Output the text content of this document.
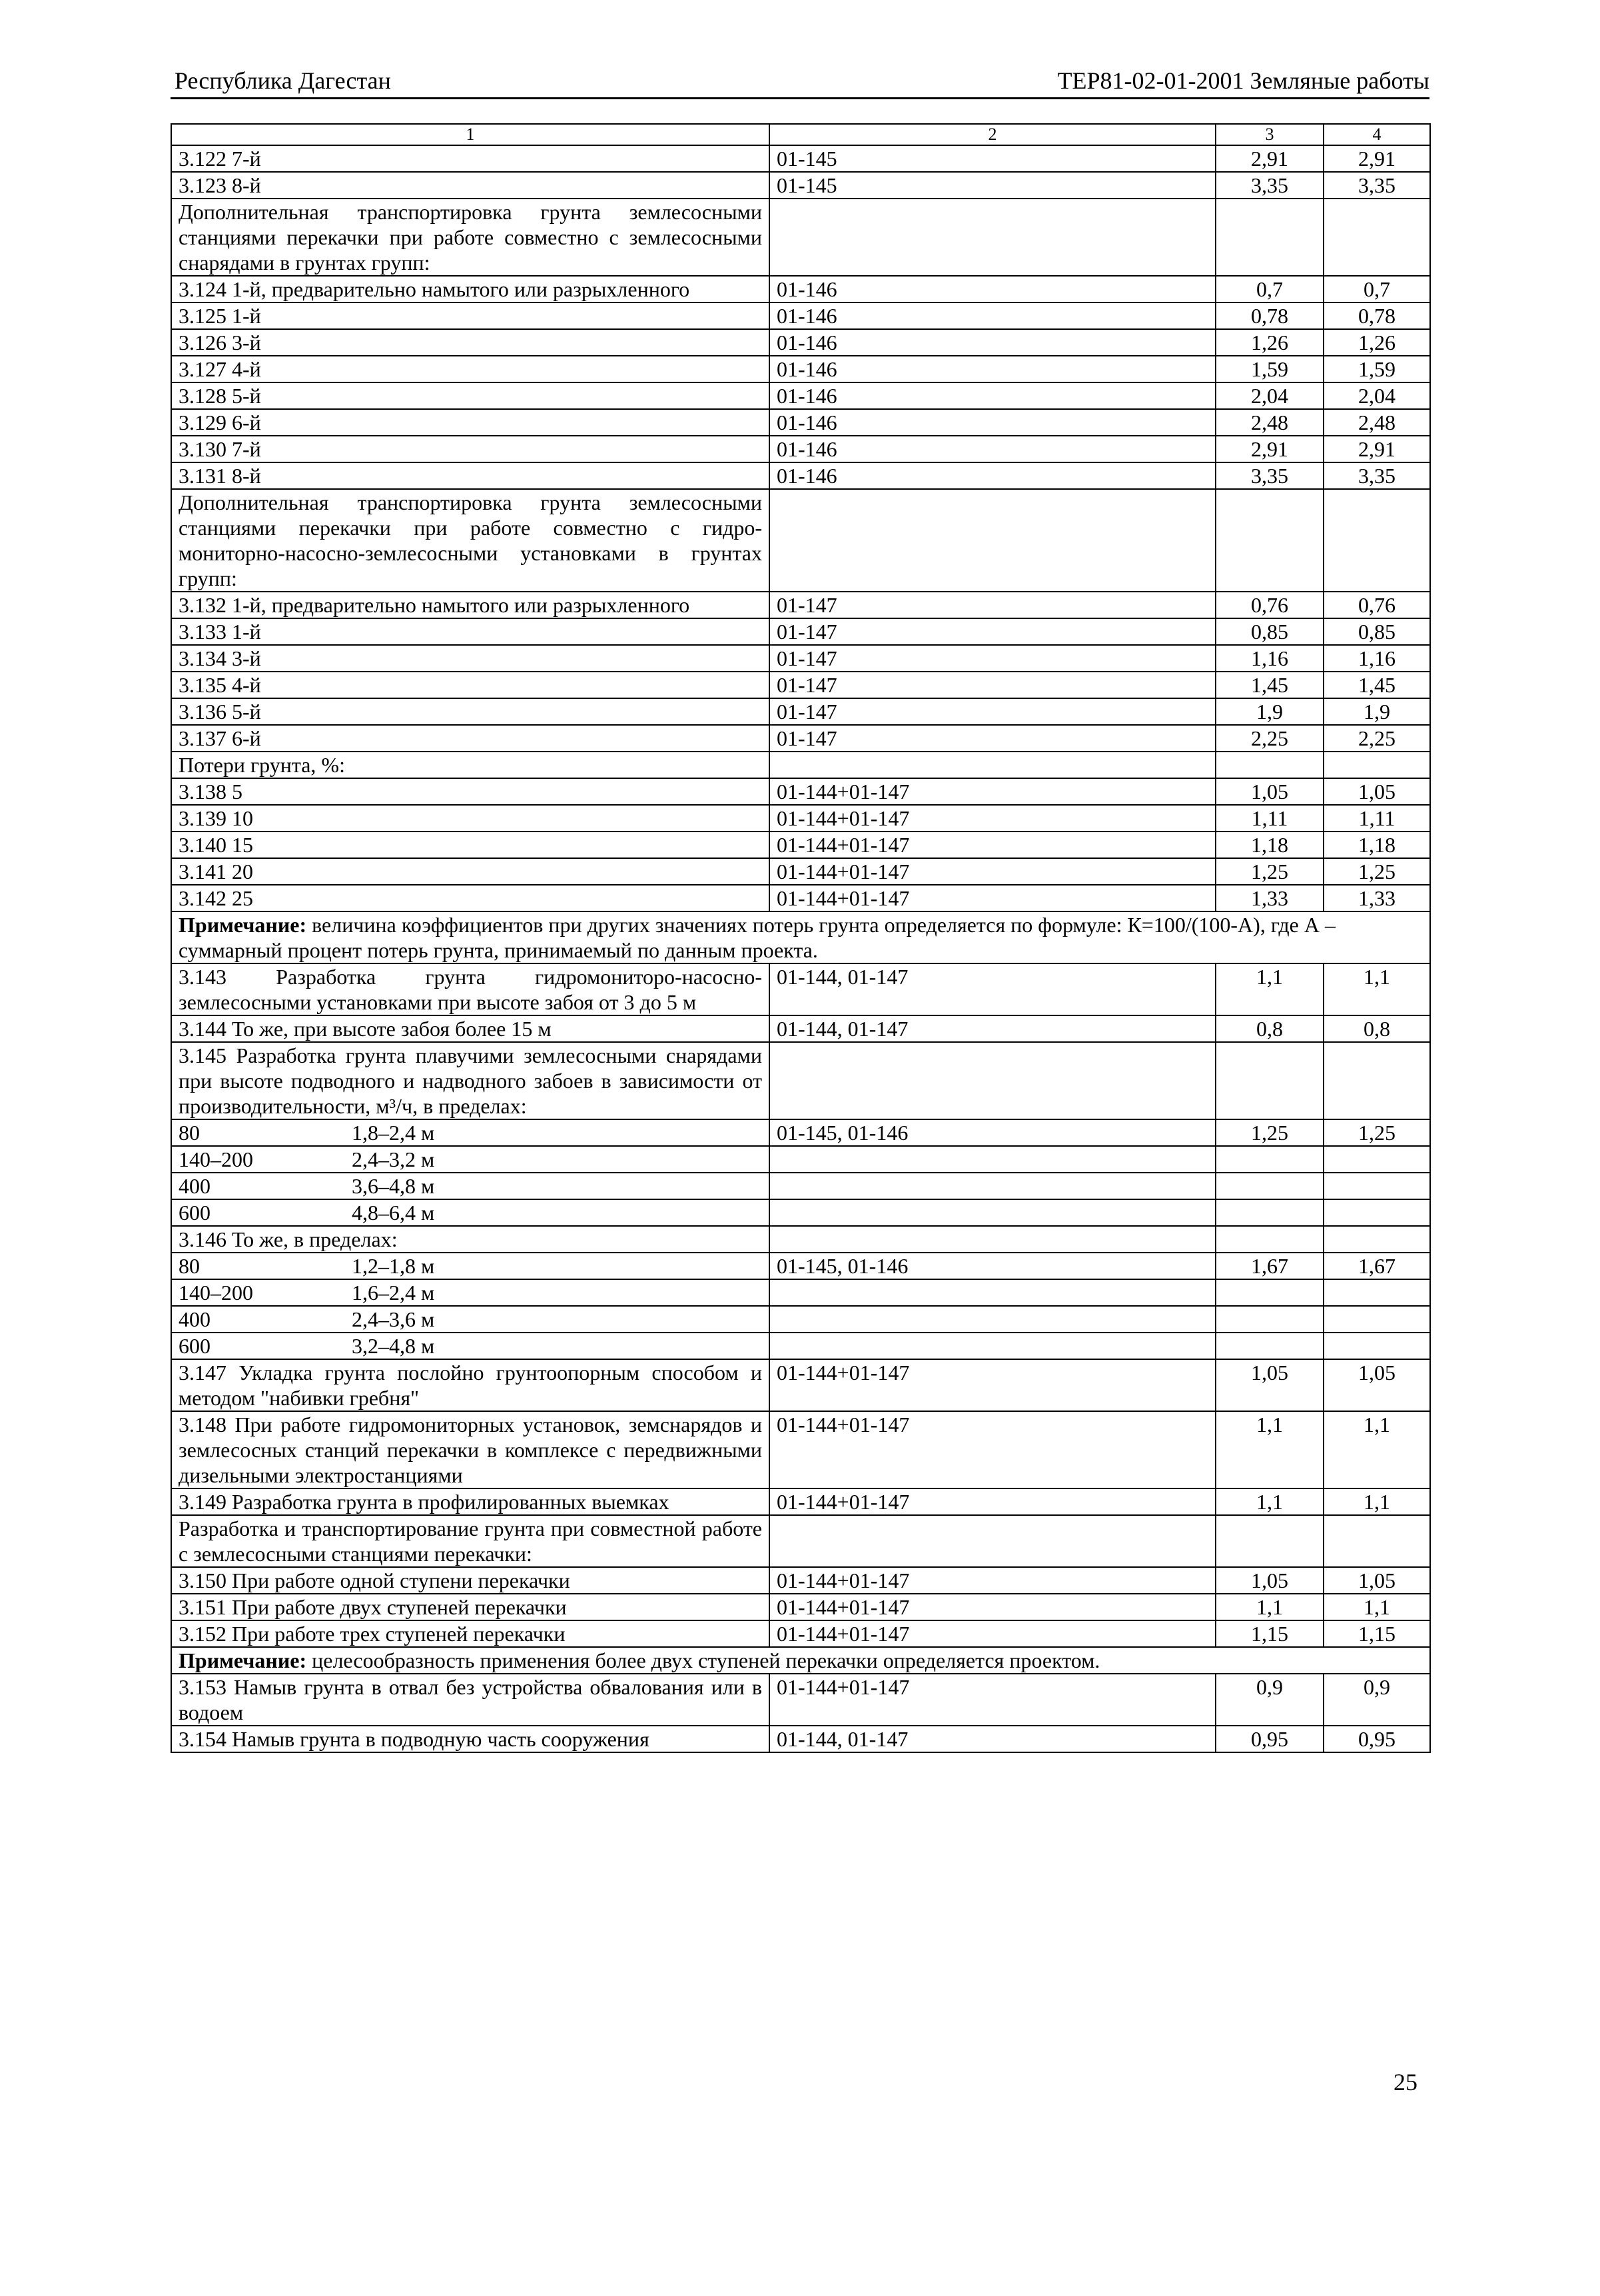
Республика Дагестан	ТЕР81-02-01-2001 Земляные работы
1	2	3	4
3.122 7-й	01-145	2,91	2,91
3.123 8-й	01-145	3,35	3,35
Дополнительная транспортировка грунта землесосными станциями перекачки при работе совместно с землесосными снарядами в грунтах групп:			
3.124 1-й, предварительно намытого или разрыхленного	01-146	0,7	0,7
3.125 1-й	01-146	0,78	0,78
3.126 3-й	01-146	1,26	1,26
3.127 4-й	01-146	1,59	1,59
3.128 5-й	01-146	2,04	2,04
3.129 6-й	01-146	2,48	2,48
3.130 7-й	01-146	2,91	2,91
3.131 8-й	01-146	3,35	3,35
Дополнительная транспортировка грунта землесосными станциями перекачки при работе совместно с гидро-мониторно-насосно-землесосными установками в грунтах групп:			
3.132 1-й, предварительно намытого или разрыхленного	01-147	0,76	0,76
3.133 1-й	01-147	0,85	0,85
3.134 3-й	01-147	1,16	1,16
3.135 4-й	01-147	1,45	1,45
3.136 5-й	01-147	1,9	1,9
3.137 6-й	01-147	2,25	2,25
Потери грунта, %:			
3.138 5	01-144+01-147	1,05	1,05
3.139 10	01-144+01-147	1,11	1,11
3.140 15	01-144+01-147	1,18	1,18
3.141 20	01-144+01-147	1,25	1,25
3.142 25	01-144+01-147	1,33	1,33
Примечание: величина коэффициентов при других значениях потерь грунта определяется по формуле: К=100/(100-А), где А – суммарный процент потерь грунта, принимаемый по данным проекта.			
3.143 Разработка грунта гидромониторо-насосно-землесосными установками при высоте забоя от 3 до 5 м	01-144, 01-147	1,1	1,1
3.144 То же, при высоте забоя более 15 м	01-144, 01-147	0,8	0,8
3.145 Разработка грунта плавучими землесосными снарядами при высоте подводного и надводного забоев в зависимости от производительности, м³/ч, в пределах:			
80 1,8–2,4 м	01-145, 01-146	1,25	1,25
140–200 2,4–3,2 м			
400 3,6–4,8 м			
600 4,8–6,4 м			
3.146 То же, в пределах:			
80 1,2–1,8 м	01-145, 01-146	1,67	1,67
140–200 1,6–2,4 м			
400 2,4–3,6 м			
600 3,2–4,8 м			
3.147 Укладка грунта послойно грунтоопорным способом и методом "набивки гребня"	01-144+01-147	1,05	1,05
3.148 При работе гидромониторных установок, земснарядов и землесосных станций перекачки в комплексе с передвижными дизельными электростанциями	01-144+01-147	1,1	1,1
3.149 Разработка грунта в профилированных выемках	01-144+01-147	1,1	1,1
Разработка и транспортирование грунта при совместной работе с землесосными станциями перекачки:			
3.150 При работе одной ступени перекачки	01-144+01-147	1,05	1,05
3.151 При работе двух ступеней перекачки	01-144+01-147	1,1	1,1
3.152 При работе трех ступеней перекачки	01-144+01-147	1,15	1,15
Примечание: целесообразность применения более двух ступеней перекачки определяется проектом.			
3.153 Намыв грунта в отвал без устройства обвалования или в водоем	01-144+01-147	0,9	0,9
3.154 Намыв грунта в подводную часть сооружения	01-144, 01-147	0,95	0,95
25
